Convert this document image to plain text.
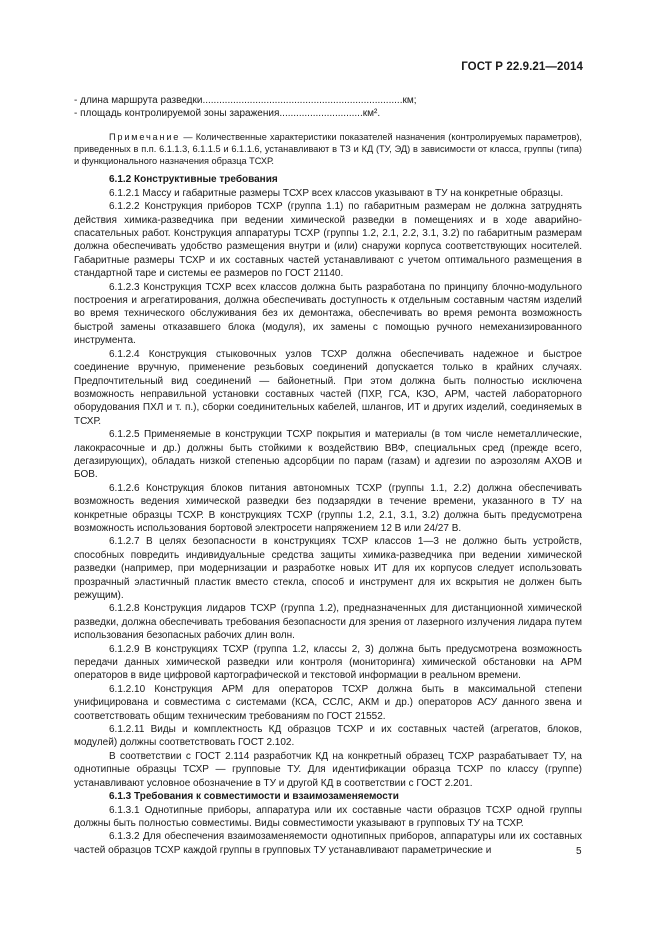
ГОСТ Р 22.9.21—2014
- длина маршрута разведки ........................................................................ км;
- площадь контролируемой зоны заражения .............................. км².

Примечание — Количественные характеристики показателей назначения (контролируемых параметров), приведенных в п.п. 6.1.1.3, 6.1.1.5 и 6.1.1.6, устанавливают в ТЗ и КД (ТУ, ЭД) в зависимости от класса, группы (типа) и функционального назначения образца ТСХР.

6.1.2 Конструктивные требования

6.1.2.1 Массу и габаритные размеры ТСХР всех классов указывают в ТУ на конкретные образцы.

6.1.2.2 Конструкция приборов ТСХР (группа 1.1) по габаритным размерам не должна затруднять действия химика-разведчика при ведении химической разведки в помещениях и в ходе аварийно-спасательных работ. Конструкция аппаратуры ТСХР (группы 1.2, 2.1, 2.2, 3.1, 3.2) по габаритным размерам должна обеспечивать удобство размещения внутри и (или) снаружи корпуса соответствующих носителей. Габаритные размеры ТСХР и их составных частей устанавливают с учетом оптимального размещения в стандартной таре и системы ее размеров по ГОСТ 21140.

6.1.2.3 Конструкция ТСХР всех классов должна быть разработана по принципу блочно-модульного построения и агрегатирования, должна обеспечивать доступность к отдельным составным частям изделий во время технического обслуживания без их демонтажа, обеспечивать во время ремонта возможность быстрой замены отказавшего блока (модуля), их замены с помощью ручного немеханизированного инструмента.

6.1.2.4 Конструкция стыковочных узлов ТСХР должна обеспечивать надежное и быстрое соединение вручную, применение резьбовых соединений допускается только в крайних случаях. Предпочтительный вид соединений — байонетный. При этом должна быть полностью исключена возможность неправильной установки составных частей (ПХР, ГСА, КЗО, АРМ, частей лабораторного оборудования ПХЛ и т. п.), сборки соединительных кабелей, шлангов, ИТ и других изделий, соединяемых в ТСХР.

6.1.2.5 Применяемые в конструкции ТСХР покрытия и материалы (в том числе неметаллические, лакокрасочные и др.) должны быть стойкими к воздействию ВВФ, специальных сред (прежде всего, дегазирующих), обладать низкой степенью адсорбции по парам (газам) и адгезии по аэрозолям АХОВ и БОВ.

6.1.2.6 Конструкция блоков питания автономных ТСХР (группы 1.1, 2.2) должна обеспечивать возможность ведения химической разведки без подзарядки в течение времени, указанного в ТУ на конкретные образцы ТСХР. В конструкциях ТСХР (группы 1.2, 2.1, 3.1, 3.2) должна быть предусмотрена возможность использования бортовой электросети напряжением 12 В или 24/27 В.

6.1.2.7 В целях безопасности в конструкциях ТСХР классов 1—3 не должно быть устройств, способных повредить индивидуальные средства защиты химика-разведчика при ведении химической разведки (например, при модернизации и разработке новых ИТ для их корпусов следует использовать прозрачный эластичный пластик вместо стекла, способ и инструмент для их вскрытия не должен быть режущим).

6.1.2.8 Конструкция лидаров ТСХР (группа 1.2), предназначенных для дистанционной химической разведки, должна обеспечивать требования безопасности для зрения от лазерного излучения лидара путем использования безопасных рабочих длин волн.

6.1.2.9 В конструкциях ТСХР (группа 1.2, классы 2, 3) должна быть предусмотрена возможность передачи данных химической разведки или контроля (мониторинга) химической обстановки на АРМ операторов в виде цифровой картографической и текстовой информации в реальном времени.

6.1.2.10 Конструкция АРМ для операторов ТСХР должна быть в максимальной степени унифицирована и совместима с системами (КСА, ССЛС, АКМ и др.) операторов АСУ данного звена и соответствовать общим техническим требованиям по ГОСТ 21552.

6.1.2.11 Виды и комплектность КД образцов ТСХР и их составных частей (агрегатов, блоков, модулей) должны соответствовать ГОСТ 2.102.

В соответствии с ГОСТ 2.114 разработчик КД на конкретный образец ТСХР разрабатывает ТУ, на однотипные образцы ТСХР — групповые ТУ. Для идентификации образца ТСХР по классу (группе) устанавливают условное обозначение в ТУ и другой КД в соответствии с ГОСТ 2.201.

6.1.3 Требования к совместимости и взаимозаменяемости

6.1.3.1 Однотипные приборы, аппаратура или их составные части образцов ТСХР одной группы должны быть полностью совместимы. Виды совместимости указывают в групповых ТУ на ТСХР.

6.1.3.2 Для обеспечения взаимозаменяемости однотипных приборов, аппаратуры или их составных частей образцов ТСХР каждой группы в групповых ТУ устанавливают параметрические и	5
